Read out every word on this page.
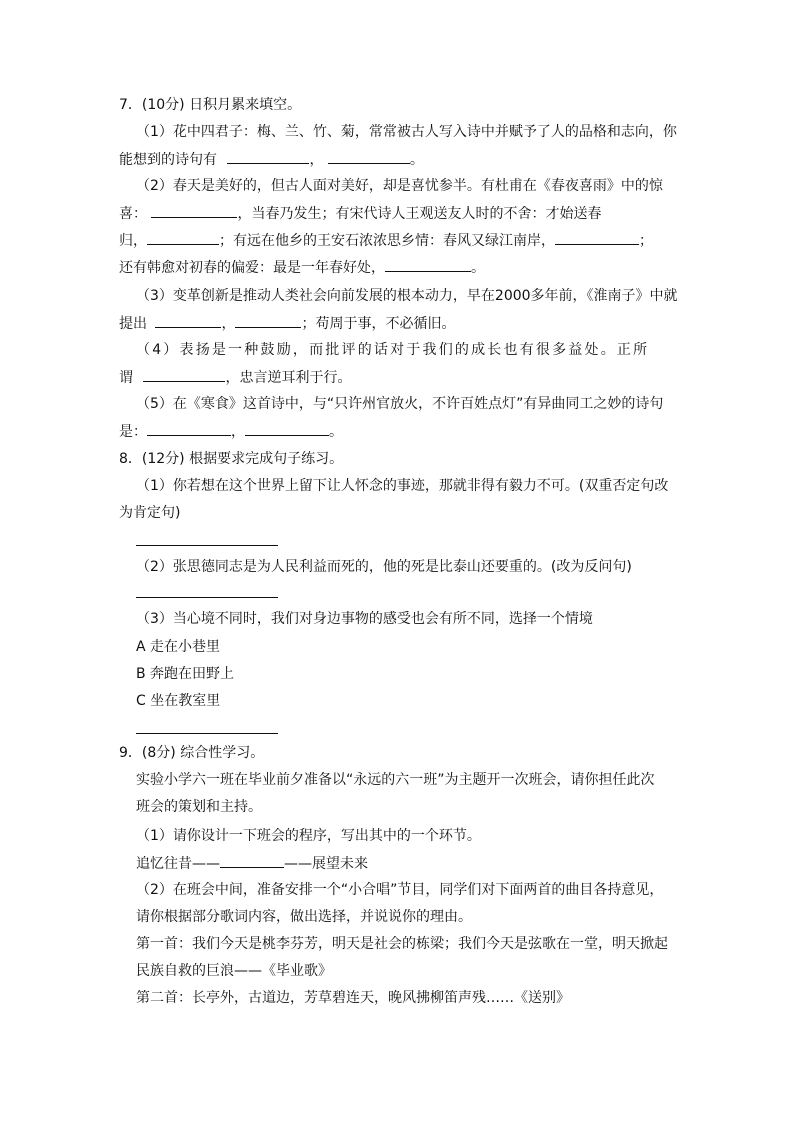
7．(10分) 日积月累来填空。
（1）花中四君子：梅、兰、竹、菊，常常被古人写入诗中并赋予了人的品格和志向，你
能想到的诗句有	，	。
（2）春天是美好的，但古人面对美好，却是喜忧参半。有杜甫在《春夜喜雨》中的惊
喜：	，当春乃发生；有宋代诗人王观送友人时的不舍：才始送春
归，	；有远在他乡的王安石浓浓思乡情：春风又绿江南岸，	；
还有韩愈对初春的偏爱：最是一年春好处，	。
（3）变革创新是推动人类社会向前发展的根本动力，早在2000多年前，《淮南子》中就
提出	，	；苟周于事，不必循旧。
（4）表扬是一种鼓励，而批评的话对于我们的成长也有很多益处。正所
谓	，忠言逆耳利于行。
（5）在《寒食》这首诗中，与“只许州官放火，不许百姓点灯”有异曲同工之妙的诗句
是：	，	。
8．(12分) 根据要求完成句子练习。
（1）你若想在这个世界上留下让人怀念的事迹，那就非得有毅力不可。(双重否定句改
为肯定句)
（2）张思德同志是为人民利益而死的，他的死是比泰山还要重的。(改为反问句)
（3）当心境不同时，我们对身边事物的感受也会有所不同，选择一个情境
A 走在小巷里
B 奔跑在田野上
C 坐在教室里
9．(8分) 综合性学习。
实验小学六一班在毕业前夕准备以“永远的六一班”为主题开一次班会，请你担任此次
班会的策划和主持。
（1）请你设计一下班会的程序，写出其中的一个环节。
追忆往昔——	——展望未来
（2）在班会中间，准备安排一个“小合唱”节目，同学们对下面两首的曲目各持意见，
请你根据部分歌词内容，做出选择，并说说你的理由。
第一首：我们今天是桃李芬芳，明天是社会的栋梁；我们今天是弦歌在一堂，明天掀起
民族自救的巨浪——《毕业歌》
第二首：长亭外，古道边，芳草碧连天，晚风拂柳笛声残……《送别》
